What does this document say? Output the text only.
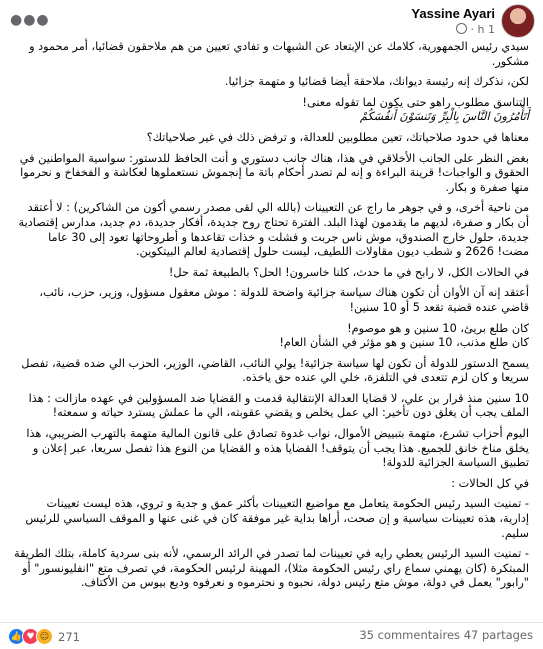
●●●	Yassine Ayari
1 h ·

سيدي رئيس الجمهورية، كلامك عن الإبتعاد عن الشبهات و تفادي تعيين من هم ملاحقون قضائيا، أمر محمود و مشكور.

لكن، نذكرك إنه رئيسة ديوانك، ملاحقة أيضا قضائيا و متهمة جزائيا.

التناسق مطلوب راهو حتى يكون لما تقوله معنى!

أَتَأْمُرُونَ النَّاسَ بِالْبِرِّ وَتَنسَوْنَ أَنفُسَكُمْ

معناها في حدود صلاحياتك، تعين مطلوبين للعدالة، و ترفض ذلك في غير صلاحياتك؟

بغض النظر على الجانب الأخلاقي في هذا، هناك جانب دستوري و أنت الحافظ للدستور: سواسية المواطنين في الحقوق و الواجبات! قرينة البراءة و إنه لم تصدر أحكام باتة ما إنجموش نستعملوها لعكاشة و الفخفاخ و نحرموا منها صفرة و بكار.

من ناحية أخرى، و في جوهر ما راج عن التعيينات (بالله الي لقى مصدر رسمي أكون من الشاكرين) : لا أعتقد أن بكار و صفرة، لديهم ما يقدمون لهذا البلد. الفترة تحتاج روح جديدة، أفكار جديدة، دم جديد، مدارس إقتصادية جديدة، حلول خارج الصندوق، موش ناس جربت و فشلت و خذات تقاعدها و أطروحاتها تعود إلى 30 عاما مضت! 2626 و شطب ديون مقاولات اللطيف، ليست حلول إقتصادية لعالم البيتكوين.

في الحالات الكل، لا رابح في ما حدث، كلنا خاسرون! الحل؟ بالطبيعة ثمة حل!

أعتقد إنه آن الأوان أن تكون هناك سياسة جزائية واضحة للدولة : موش معقول مسؤول، وزير، حزب، نائب، قاضي عنده قضية تقعد 5 أو 10 سنين!

كان طلع بريئ، 10 سنين و هو موصوم!
كان طلع مذنب، 10 سنين و هو مؤثر في الشأن العام!

يسمح الدستور للدولة أن تكون لها سياسة جزائية! يولي النائب، القاضي، الوزير، الحزب الي ضده قضية، تفصل سريعا و كان لزم تتعدى في التلفزة، خلي الي عنده حق ياخذه.

10 سنين منذ قرار بن علي، لا قضايا العدالة الإنتقالية قدمت و القضايا ضد المسؤولين في عهده مازالت : هذا الملف يجب أن يغلق دون تأخير: الي عمل يخلص و يقضي عقوبته، الي ما عملش يسترد حياته و سمعته!

اليوم أحزاب تشرع، متهمة بتبييض الأموال، نواب غدوة تصادق على قانون المالية متهمة بالتهرب الضريبي، هذا يخلق مناخ خانق للجميع. هذا يجب أن يتوقف! القضايا هذه و القضايا من النوع هذا تفصل سريعا، عبر إعلان و تطبيق السياسة الجزائية للدولة!

في كل الحالات :

- تمنيت السيد رئيس الحكومة يتعامل مع مواضيع التعيينات بأكثر عمق و جدية و تروي، هذه ليست تعيينات إدارية، هذه تعيينات سياسية و إن صحت، أراها بداية غير موفقة كان في غنى عنها و الموقف السياسي للرئيس سليم.

- تمنيت السيد الرئيس يعطي رايه في تعيينات لما تصدر في الرائد الرسمي، لأنه بنى سردية كاملة، بتلك الطريقة المبتكرة (كان يهمني سماع راي رئيس الحكومة مثلا)، المهينة لرئيس الحكومة، في تصرف متع "انفليونسور" أو "رابور" يعمل في دولة، موش متع رئيس دولة، نحبوه و نحترموه و نعرفوه وديع بيوس من الأكتاف.

👍 ♥ ☺ 271	35 commentaires 47 partages
